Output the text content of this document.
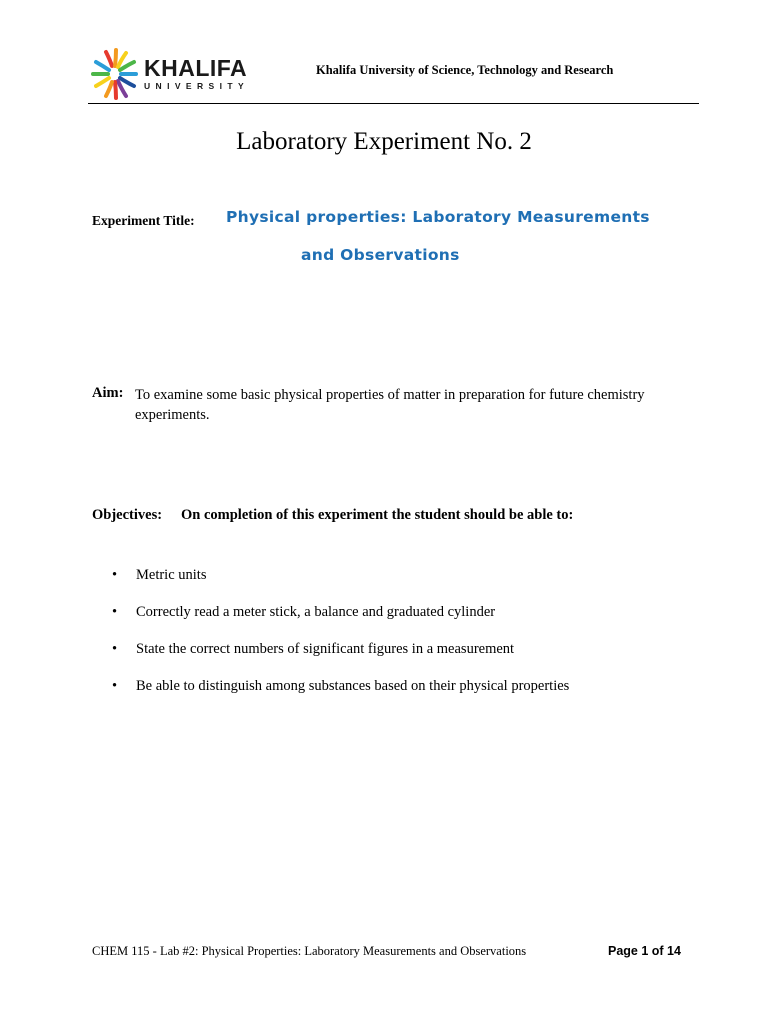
KHALIFA
UNIVERSITY
Khalifa University of Science, Technology and Research
Laboratory Experiment No. 2
Experiment Title: Physical properties: Laboratory Measurements
and Observations
Aim: To examine some basic physical properties of matter in preparation for future chemistry experiments.
Objectives: On completion of this experiment the student should be able to:
• Metric units
• Correctly read a meter stick, a balance and graduated cylinder
• State the correct numbers of significant figures in a measurement
• Be able to distinguish among substances based on their physical properties
CHEM 115 - Lab #2: Physical Properties: Laboratory Measurements and Observations	Page 1 of 14
